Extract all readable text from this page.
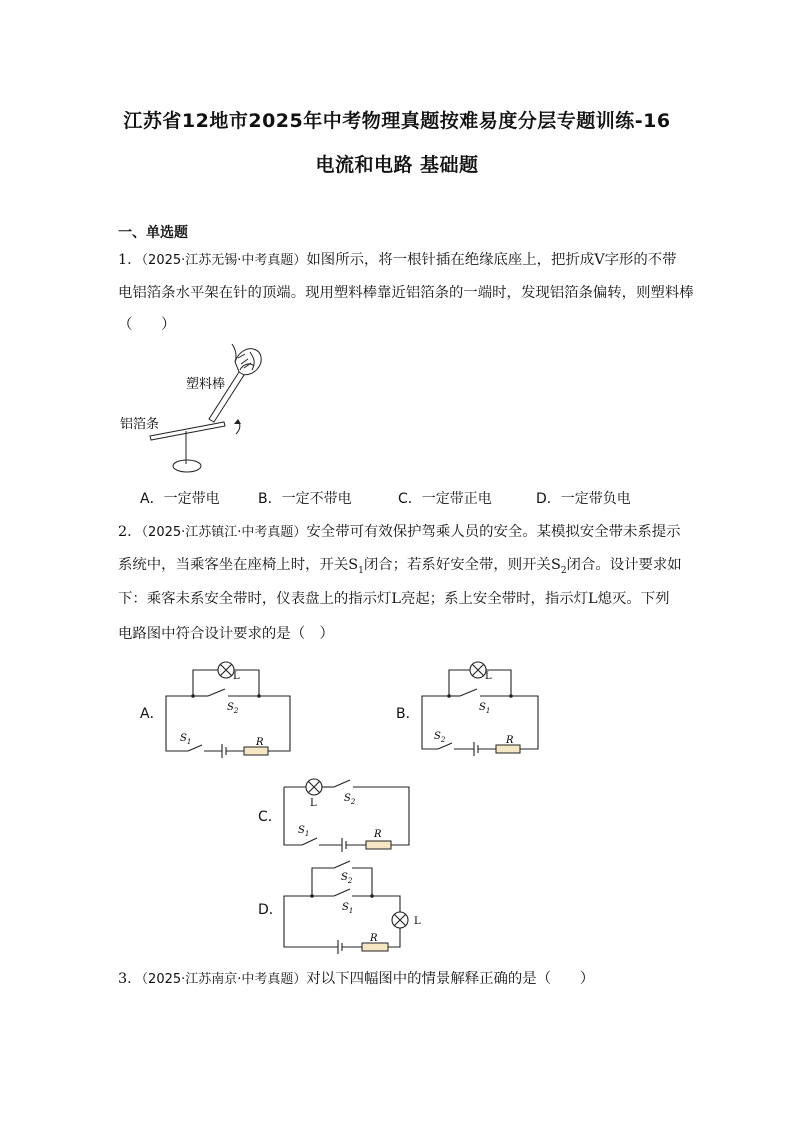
江苏省12地市2025年中考物理真题按难易度分层专题训练-16
电流和电路 基础题
一、单选题
1．（2025·江苏无锡·中考真题）如图所示，将一根针插在绝缘底座上，把折成V字形的不带
电铝箔条水平架在针的顶端。现用塑料棒靠近铝箔条的一端时，发现铝箔条偏转，则塑料棒
（　　）
塑料棒
铝箔条
A．一定带电	B．一定不带电	C．一定带正电	D．一定带负电
2．（2025·江苏镇江·中考真题）安全带可有效保护驾乘人员的安全。某模拟安全带未系提示
系统中，当乘客坐在座椅上时，开关$S_1$闭合；若系好安全带，则开关$S_2$闭合。设计要求如
下：乘客未系安全带时，仪表盘上的指示灯L亮起；系上安全带时，指示灯L熄灭。下列
电路图中符合设计要求的是（　）
A．
L
$S_2$
$S_1$	R
B．
L
$S_1$
$S_2$	R
C．
L	$S_2$
$S_1$	R
D．
$S_2$
$S_1$
L
R
3．（2025·江苏南京·中考真题）对以下四幅图中的情景解释正确的是（　　）
